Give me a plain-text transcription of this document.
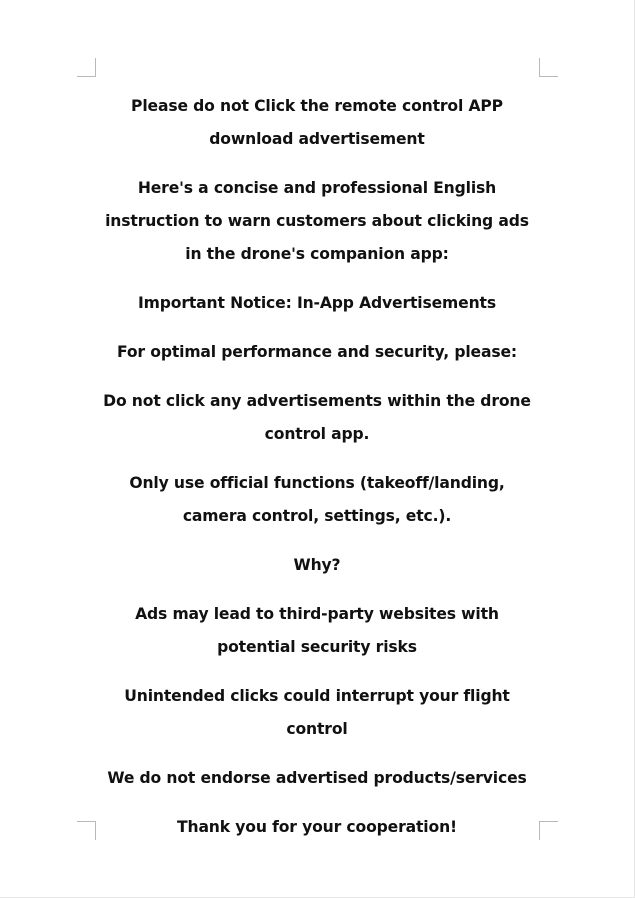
Please do not Click the remote control APP download advertisement

Here's a concise and professional English instruction to warn customers about clicking ads in the drone's companion app:

Important Notice: In-App Advertisements

For optimal performance and security, please:

Do not click any advertisements within the drone control app.

Only use official functions (takeoff/landing, camera control, settings, etc.).

Why?

Ads may lead to third-party websites with potential security risks

Unintended clicks could interrupt your flight control

We do not endorse advertised products/services

Thank you for your cooperation!
